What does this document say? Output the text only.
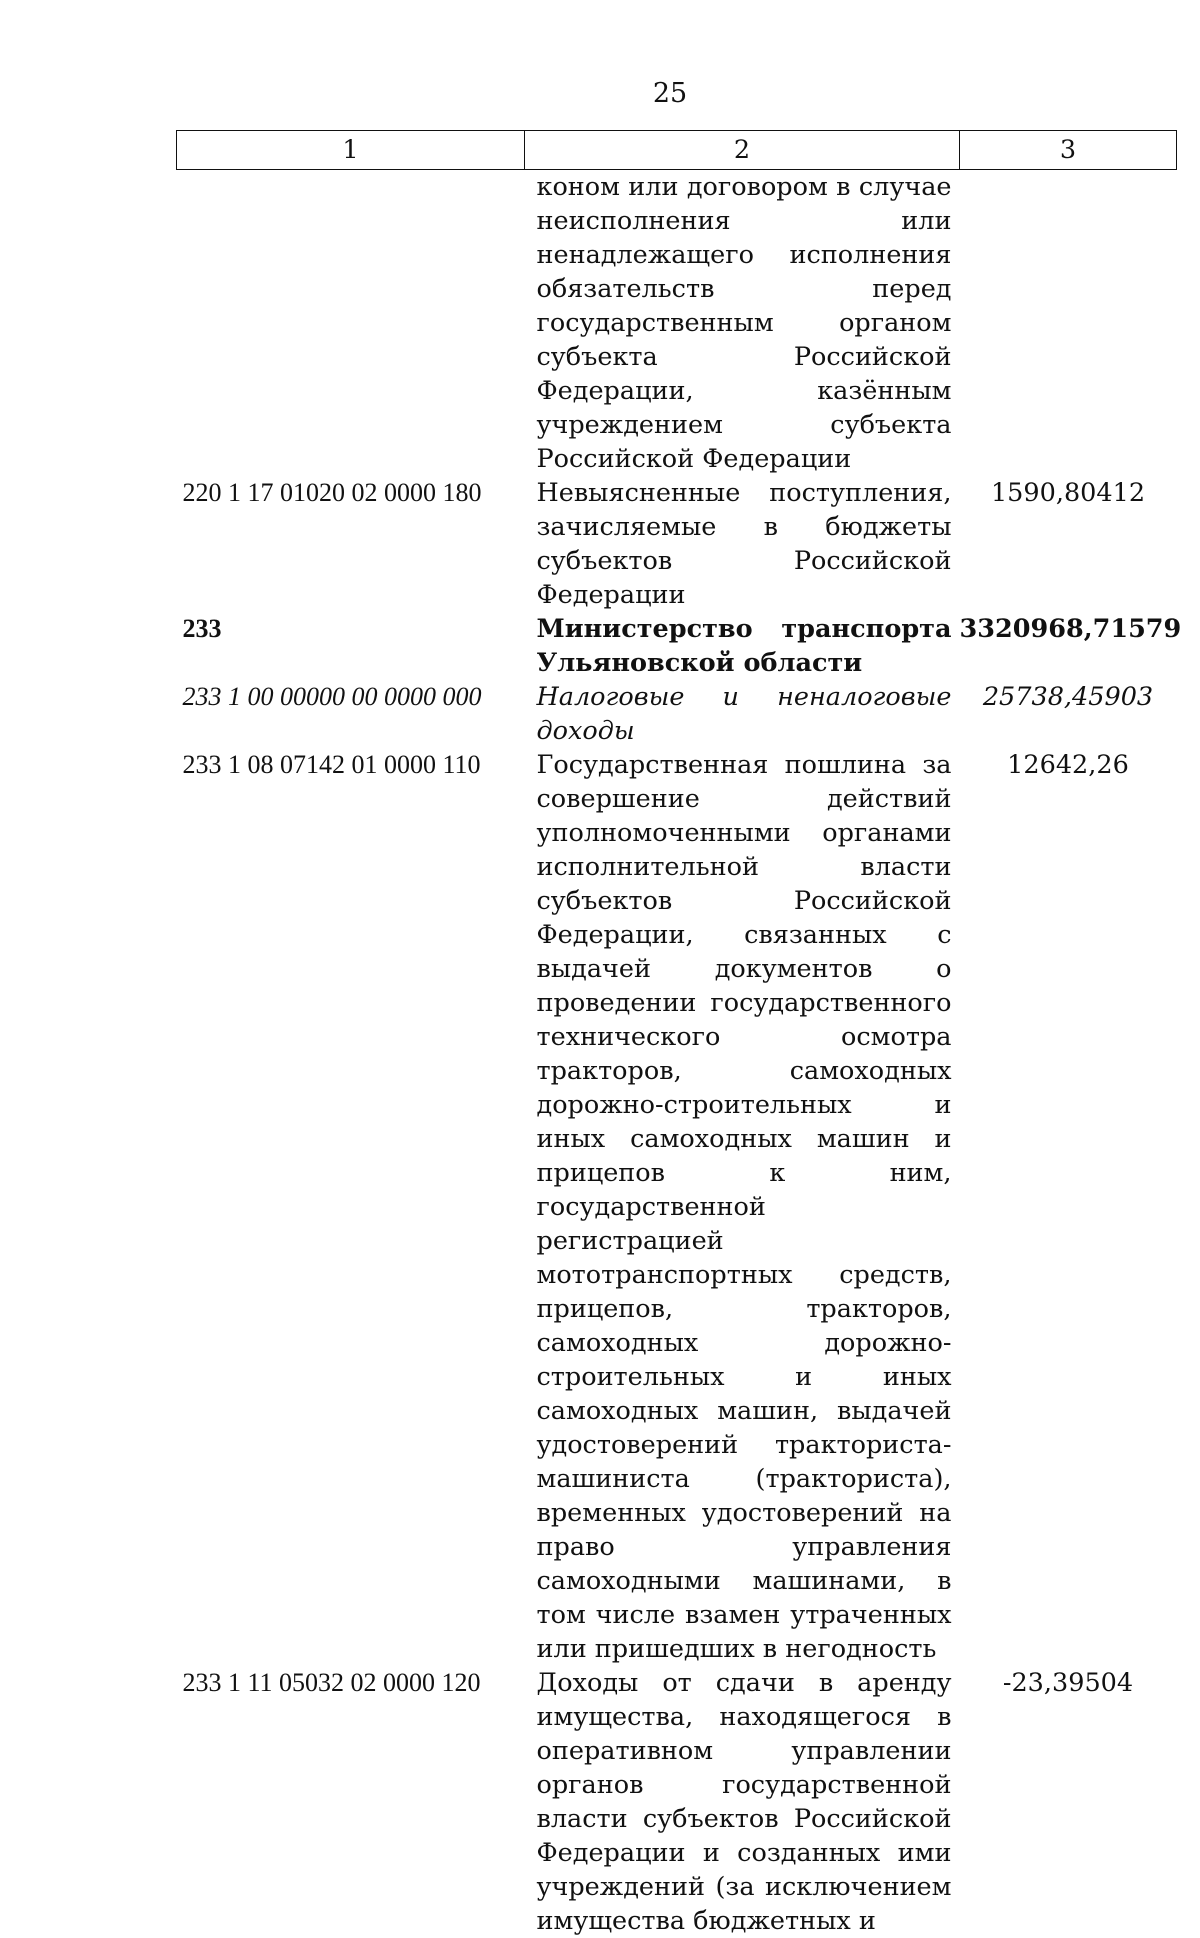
25
1	2	3
	коном или договором в случае неисполнения или ненадлежащего исполнения обязательств перед государственным органом субъекта Российской Федерации, казённым учреждением субъекта Российской Федерации	
220 1 17 01020 02 0000 180	Невыясненные поступления, зачисляемые в бюджеты субъектов Российской Федерации	1590,80412
233	Министерство транспорта Ульяновской области	3320968,71579
233 1 00 00000 00 0000 000	Налоговые и неналоговые доходы	25738,45903
233 1 08 07142 01 0000 110	Государственная пошлина за совершение действий уполномоченными органами исполнительной власти субъектов Российской Федерации, связанных с выдачей документов о проведении государственного технического осмотра тракторов, самоходных дорожно-строительных и иных самоходных машин и прицепов к ним, государственной регистрацией мототранспортных средств, прицепов, тракторов, самоходных дорожно-строительных и иных самоходных машин, выдачей удостоверений тракториста-машиниста (тракториста), временных удостоверений на право управления самоходными машинами, в том числе взамен утраченных или пришедших в негодность	12642,26
233 1 11 05032 02 0000 120	Доходы от сдачи в аренду имущества, находящегося в оперативном управлении органов государственной власти субъектов Российской Федерации и созданных ими учреждений (за исключением имущества бюджетных и	-23,39504
